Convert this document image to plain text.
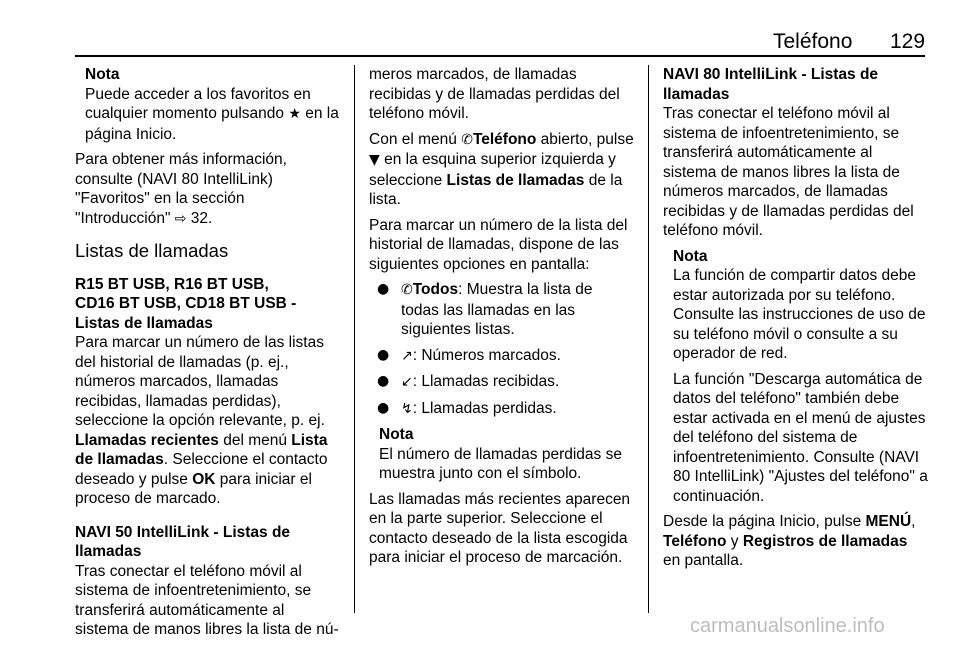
Teléfono 129
Nota
Puede acceder a los favoritos en cualquier momento pulsando ★ en la página Inicio.

Para obtener más información, consulte (NAVI 80 IntelliLink) "Favoritos" en la sección "Introducción" ⇨ 32.

Listas de llamadas
R15 BT USB, R16 BT USB,
CD16 BT USB, CD18 BT USB - Listas de llamadas

Para marcar un número de las listas del historial de llamadas (p. ej., números marcados, llamadas recibidas, llamadas perdidas), seleccione la opción relevante, p. ej. Llamadas recientes del menú Lista de llamadas. Seleccione el contacto deseado y pulse OK para iniciar el proceso de marcado.

NAVI 50 IntelliLink - Listas de llamadas

Tras conectar el teléfono móvil al sistema de infoentretenimiento, se transferirá automáticamente al sistema de manos libres la lista de nú-

meros marcados, de llamadas recibidas y de llamadas perdidas del teléfono móvil.

Con el menú ✆Teléfono abierto, pulse ▼ en la esquina superior izquierda y seleccione Listas de llamadas de la lista.

Para marcar un número de la lista del historial de llamadas, dispone de las siguientes opciones en pantalla:

● ✆Todos: Muestra la lista de todas las llamadas en las siguientes listas.
● ↗: Números marcados.
● ↙: Llamadas recibidas.
● ↯: Llamadas perdidas.
Nota
El número de llamadas perdidas se muestra junto con el símbolo.

Las llamadas más recientes aparecen en la parte superior. Seleccione el contacto deseado de la lista escogida para iniciar el proceso de marcación.

NAVI 80 IntelliLink - Listas de llamadas

Tras conectar el teléfono móvil al sistema de infoentretenimiento, se transferirá automáticamente al sistema de manos libres la lista de números marcados, de llamadas recibidas y de llamadas perdidas del teléfono móvil.

Nota

La función de compartir datos debe estar autorizada por su teléfono. Consulte las instrucciones de uso de su teléfono móvil o consulte a su operador de red.

La función "Descarga automática de datos del teléfono" también debe estar activada en el menú de ajustes del teléfono del sistema de infoentretenimiento. Consulte (NAVI 80 IntelliLink) "Ajustes del teléfono" a continuación.

Desde la página Inicio, pulse MENÚ, Teléfono y Registros de llamadas en pantalla.

carmanualsonline.info
